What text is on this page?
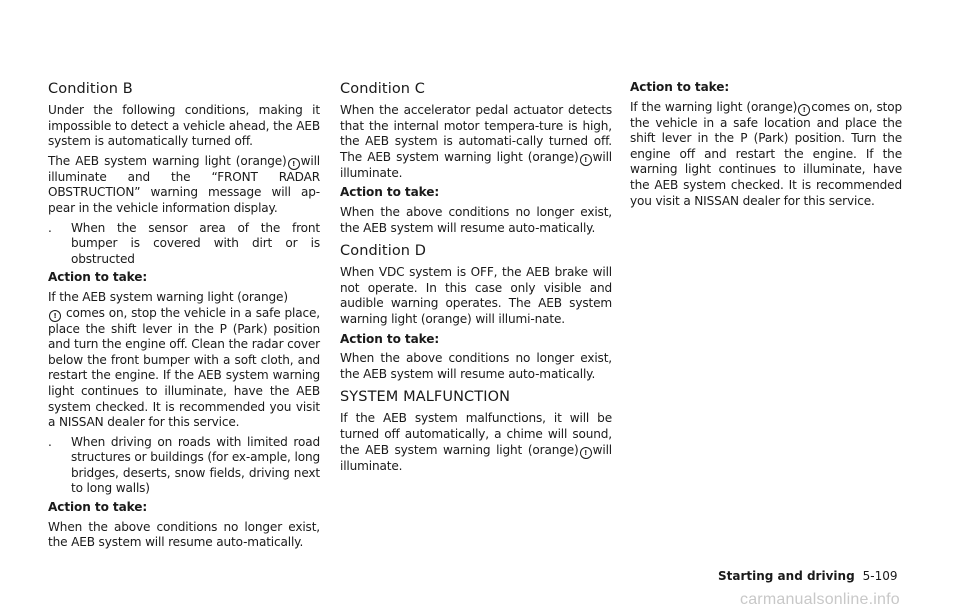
Condition B

Under the following conditions, making it impossible to detect a vehicle ahead, the AEB system is automatically turned off.

The AEB system warning light (orange) ! will illuminate and the “FRONT RADAR OBSTRUCTION” warning message will ap-pear in the vehicle information display.

. When the sensor area of the front bumper is covered with dirt or is obstructed

Action to take:

If the AEB system warning light (orange)
! comes on, stop the vehicle in a safe place, place the shift lever in the P (Park) position and turn the engine off. Clean the radar cover below the front bumper with a soft cloth, and restart the engine. If the AEB system warning light continues to illuminate, have the AEB system checked. It is recommended you visit a NISSAN dealer for this service.

. When driving on roads with limited road structures or buildings (for ex-ample, long bridges, deserts, snow fields, driving next to long walls)

Action to take:

When the above conditions no longer exist, the AEB system will resume auto-matically.

Condition C

When the accelerator pedal actuator detects that the internal motor tempera-ture is high, the AEB system is automati-cally turned off. The AEB system warning light (orange) ! will illuminate.

Action to take:

When the above conditions no longer exist, the AEB system will resume auto-matically.

Condition D

When VDC system is OFF, the AEB brake will not operate. In this case only visible and audible warning operates. The AEB system warning light (orange) will illumi-nate.

Action to take:

When the above conditions no longer exist, the AEB system will resume auto-matically.

SYSTEM MALFUNCTION

If the AEB system malfunctions, it will be turned off automatically, a chime will sound, the AEB system warning light (orange) ! will illuminate.

Action to take:

If the warning light (orange) ! comes on, stop the vehicle in a safe location and place the shift lever in the P (Park) position. Turn the engine off and restart the engine. If the warning light continues to illuminate, have the AEB system checked. It is recommended you visit a NISSAN dealer for this service.

Starting and driving 5-109
carmanualsonline.info
